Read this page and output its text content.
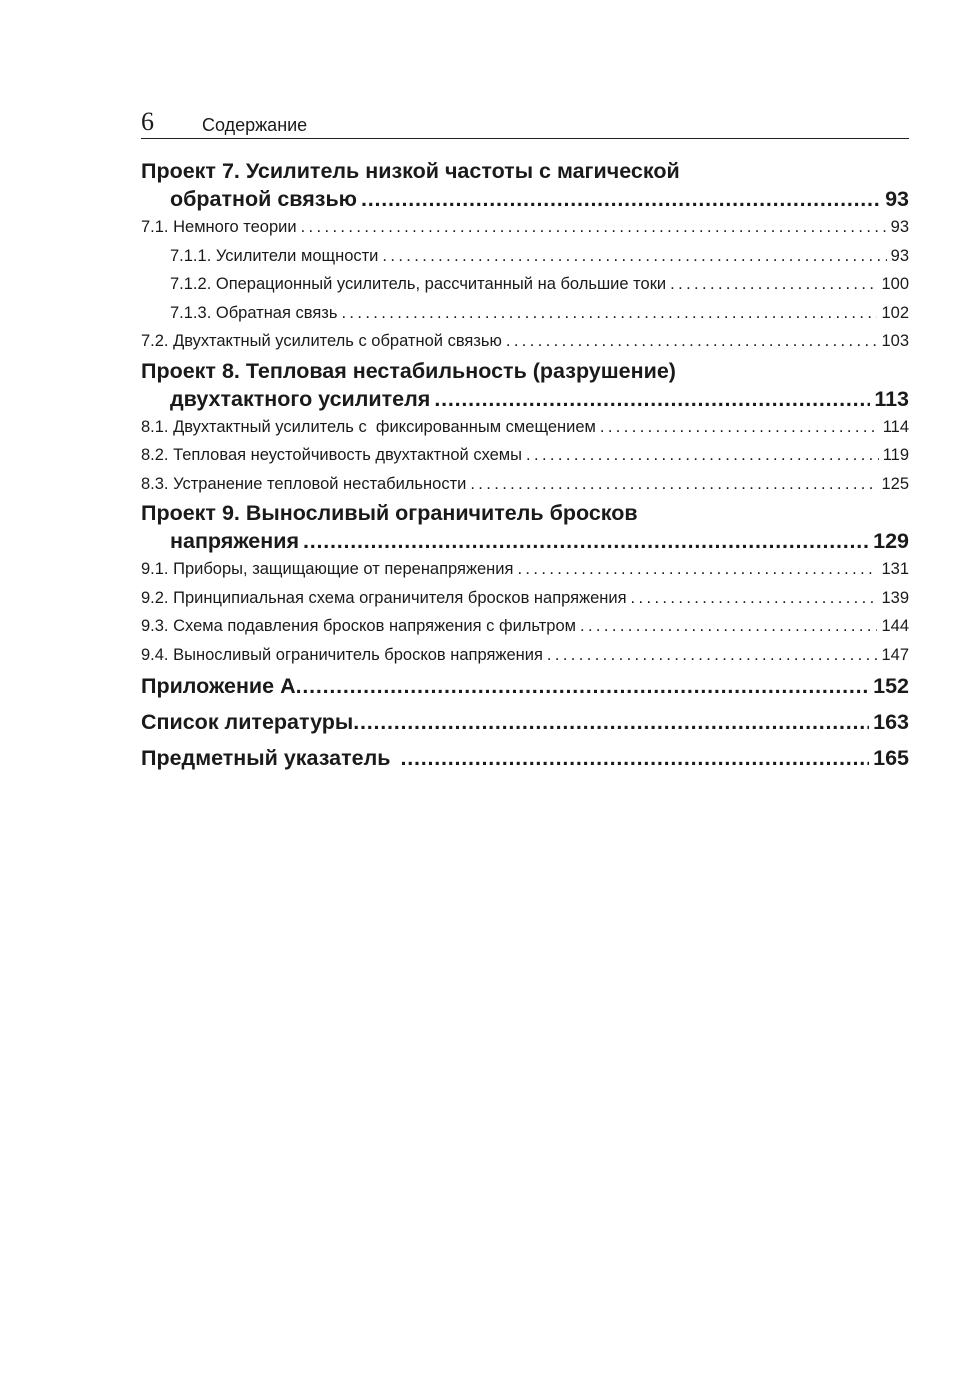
6	Содержание
Проект 7. Усилитель низкой частоты с магической
обратной связью . . .	93
7.1. Немного теории . . .	93
7.1.1. Усилители мощности . . .	93
7.1.2. Операционный усилитель, рассчитанный на большие токи . . .	100
7.1.3. Обратная связь . . .	102
7.2. Двухтактный усилитель с обратной связью . . .	103
Проект 8. Тепловая нестабильность (разрушение)
двухтактного усилителя . . .	113
8.1. Двухтактный усилитель с  фиксированным смещением . . .	114
8.2. Тепловая неустойчивость двухтактной схемы . . .	119
8.3. Устранение тепловой нестабильности . . .	125
Проект 9. Выносливый ограничитель бросков
напряжения . . .	129
9.1. Приборы, защищающие от перенапряжения . . .	131
9.2. Принципиальная схема ограничителя бросков напряжения . . .	139
9.3. Схема подавления бросков напряжения с фильтром . . .	144
9.4. Выносливый ограничитель бросков напряжения . . .	147
Приложение А . . .	152
Список литературы . . .	163
Предметный указатель . . .	165
